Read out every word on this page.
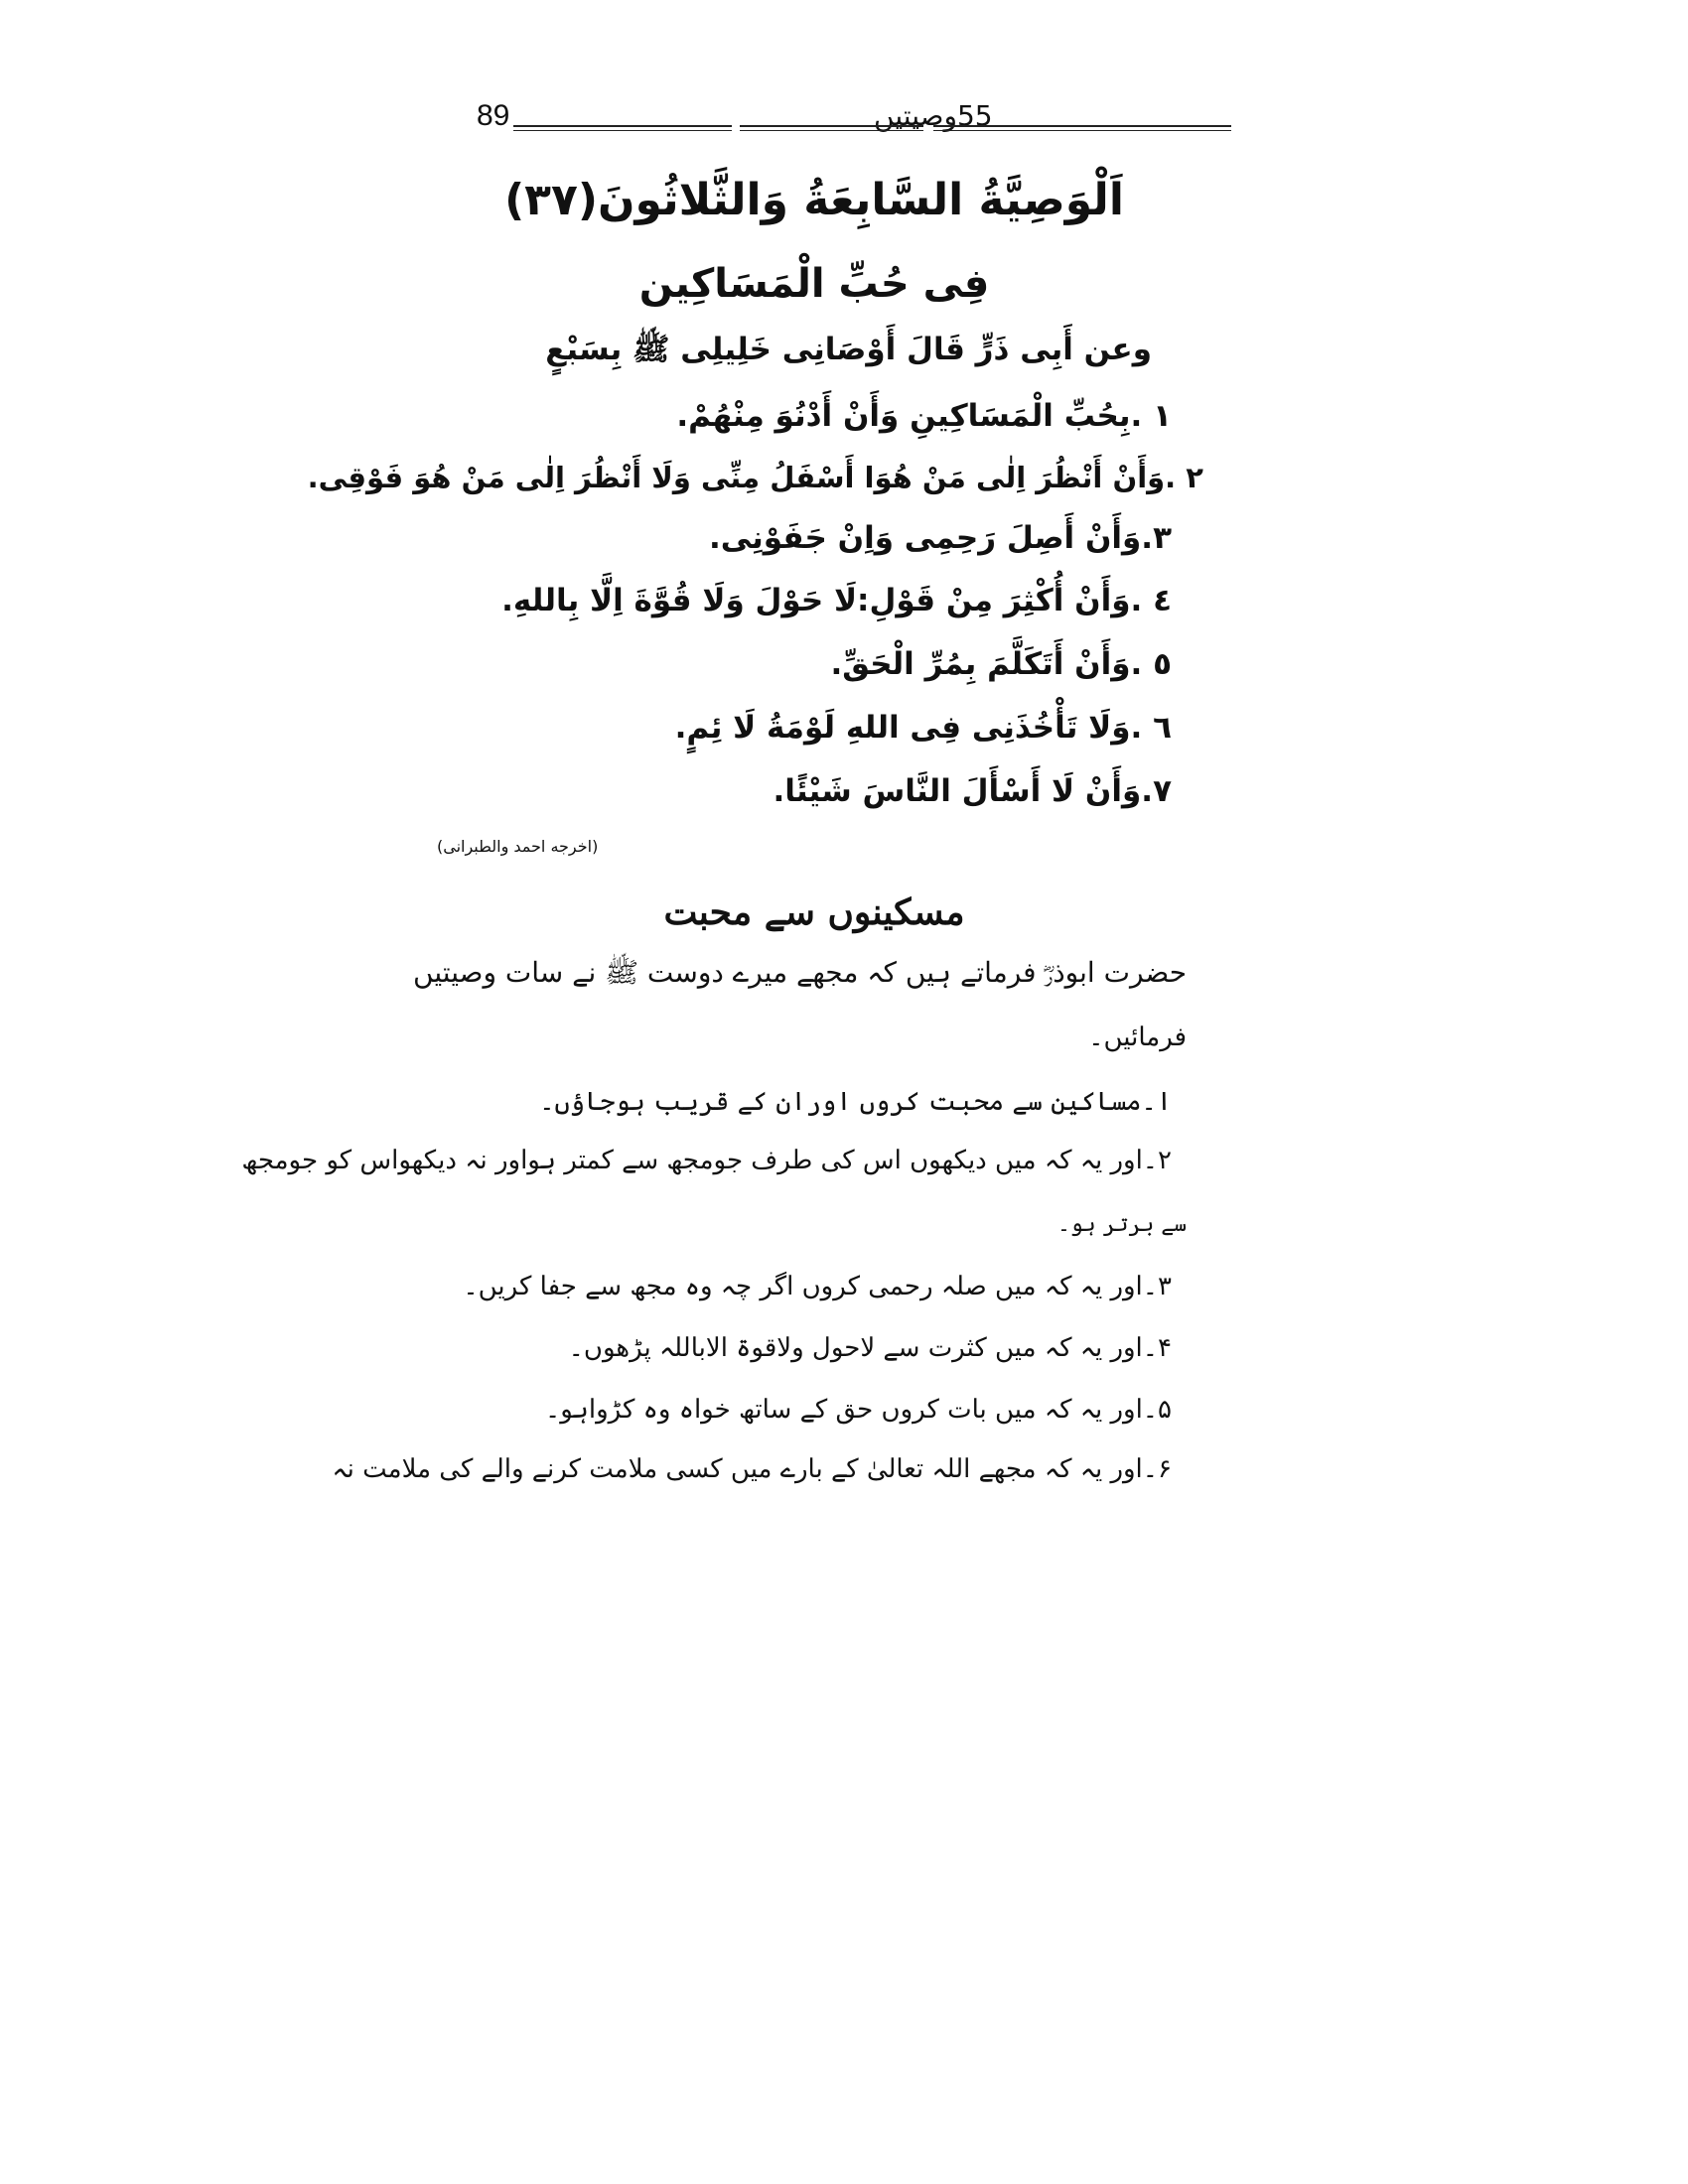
89	55وصیتیں
اَلْوَصِيَّةُ السَّابِعَةُ وَالثَّلاثُونَ(٣٧)
فِى حُبِّ الْمَسَاكِين
وعن أَبِى ذَرٍّ قَالَ أَوْصَانِى خَلِيلِى ﷺ بِسَبْعٍ
١ .بِحُبِّ الْمَسَاكِينِ وَأَنْ أَدْنُوَ مِنْهُمْ.
٢ .وَأَنْ أَنْظُرَ اِلٰى مَنْ هُوَا أَسْفَلُ مِنِّى وَلَا أَنْظُرَ اِلٰى مَنْ هُوَ فَوْقِى.
٣.وَأَنْ أَصِلَ رَحِمِى وَاِنْ جَفَوْنِى.
٤ .وَأَنْ أُكْثِرَ مِنْ قَوْلِ:لَا حَوْلَ وَلَا قُوَّةَ اِلَّا بِاللهِ.
٥ .وَأَنْ أَتَكَلَّمَ بِمُرِّ الْحَقِّ.
٦ .وَلَا تَأْخُذَنِى فِى اللهِ لَوْمَةُ لَا ئِمٍ.
٧.وَأَنْ لَا أَسْأَلَ النَّاسَ شَيْئًا.
(اخرجه احمد والطبرانی)
مسکینوں سے محبت
حضرت ابوذرؓ فرماتے ہیں کہ مجھے میرے دوست ﷺ نے سات وصیتیں
فرمائیں۔
ا۔مساکین سے محبت کروں اوران کے قریب ہوجاؤں۔
۲۔اور یہ کہ میں دیکھوں اس کی طرف جومجھ سے کمتر ہواور نہ دیکھواس کو جومجھ
سے برتر ہو۔
۳۔اور یہ کہ میں صلہ رحمی کروں اگر چہ وہ مجھ سے جفا کریں۔
۴۔اور یہ کہ میں کثرت سے لاحول ولاقوۃ الاباللہ پڑھوں۔
۵۔اور یہ کہ میں بات کروں حق کے ساتھ خواہ وہ کڑواہو۔
۶۔اور یہ کہ مجھے اللہ تعالیٰ کے بارے میں کسی ملامت کرنے والے کی ملامت نہ
